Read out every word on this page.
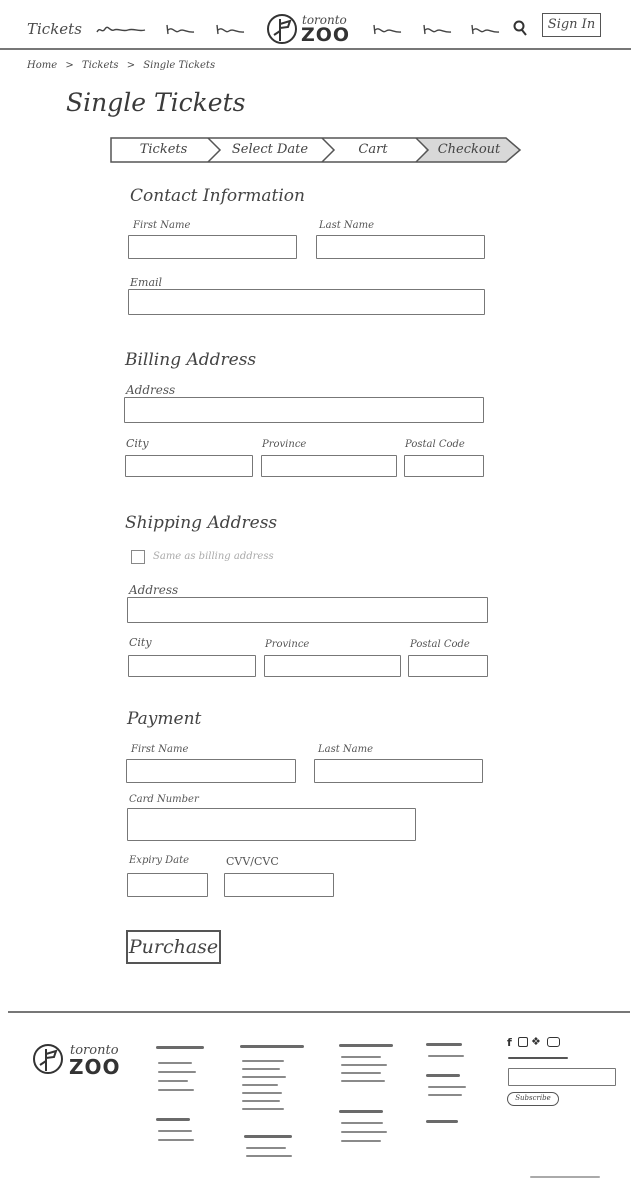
Tickets	toronto
ZOO	Sign In
Home > Tickets > Single Tickets
Single Tickets
Tickets	Select Date	Cart	Checkout
Contact Information
First Name	Last Name
Email
Billing Address
Address
City	Province	Postal Code
Shipping Address
Same as billing address
Address
City	Province	Postal Code
Payment
First Name	Last Name
Card Number
Expiry Date	CVV/CVC
Purchase
toronto
ZOO
f ❖
Subscribe
